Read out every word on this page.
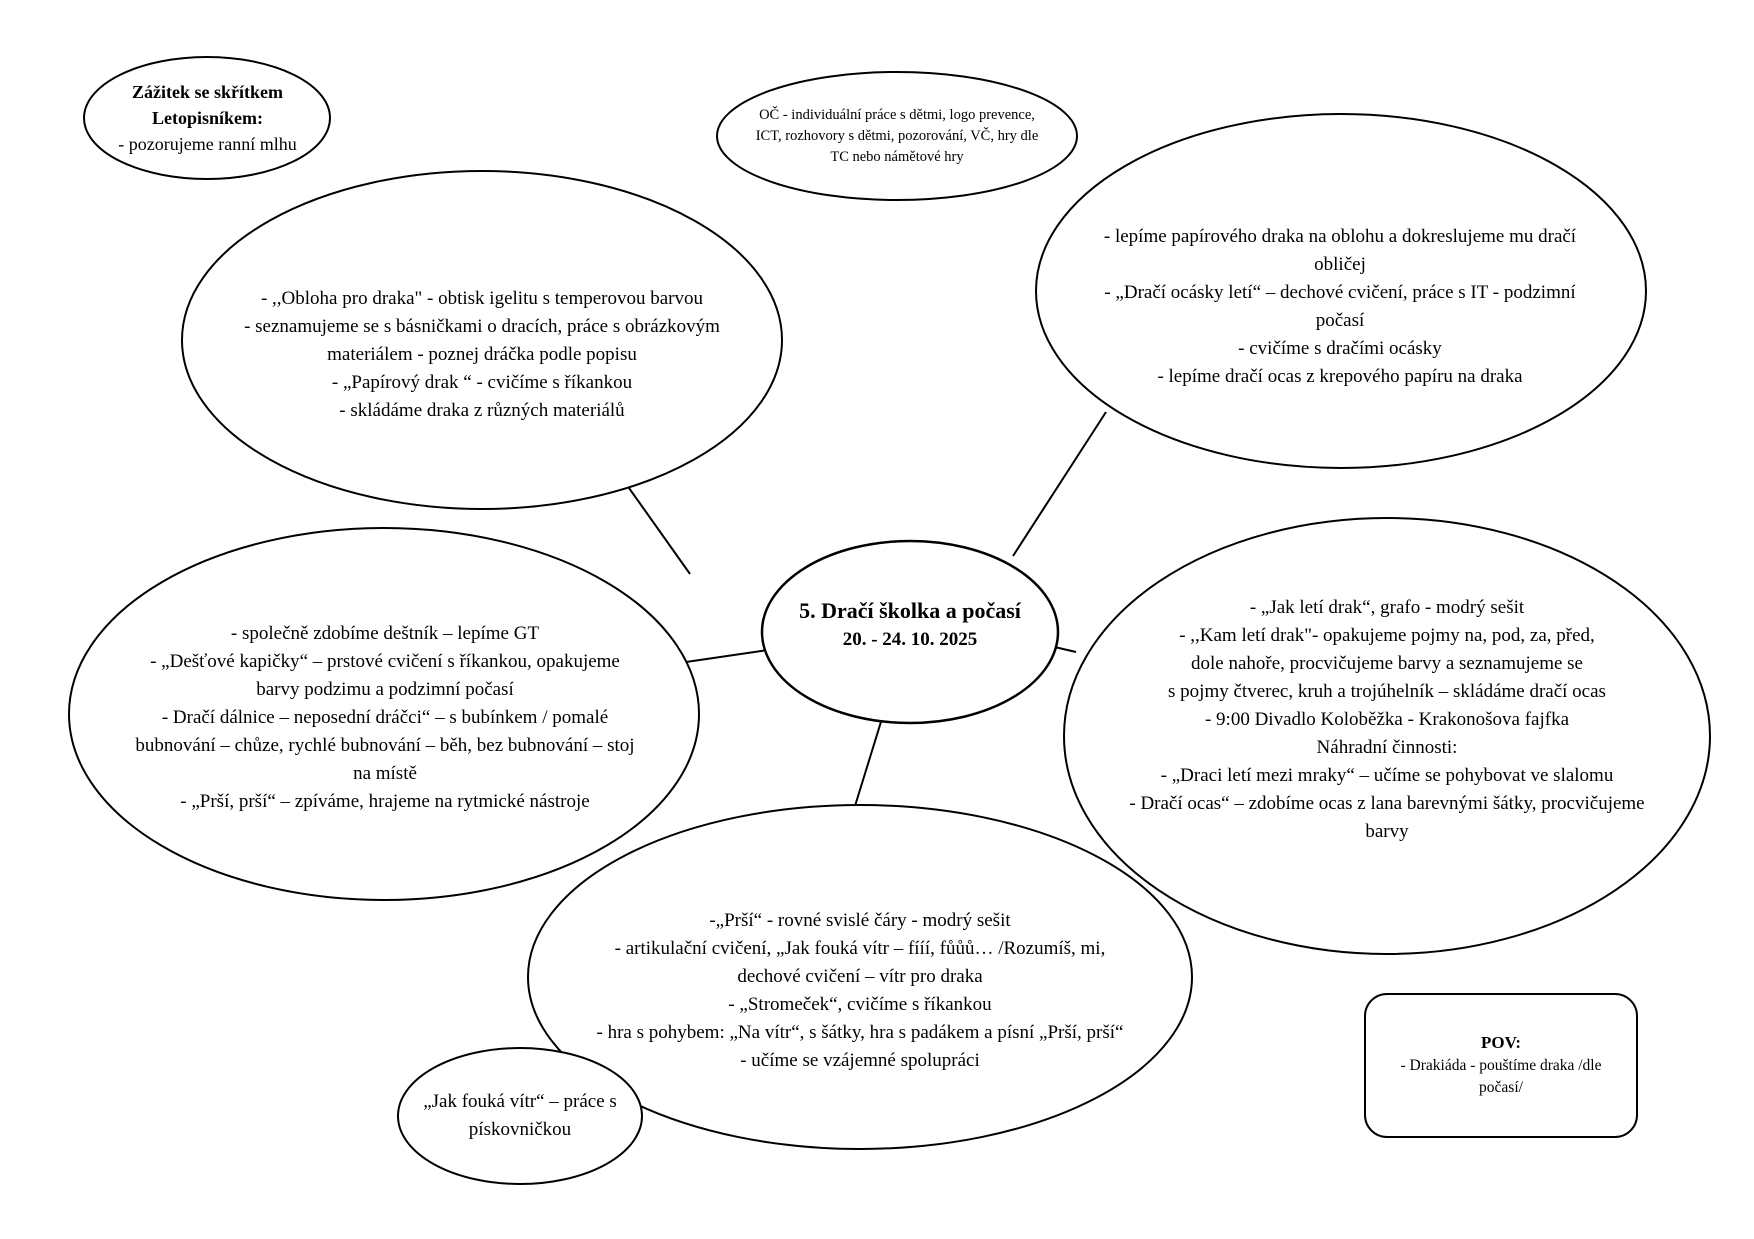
Zážitek se skřítkem
Letopisníkem:
- pozorujeme ranní mlhu
OČ - individuální práce s dětmi, logo prevence,
ICT, rozhovory s dětmi, pozorování, VČ, hry dle
TC nebo námětové hry
- ,,Obloha pro draka" - obtisk igelitu s temperovou barvou
- seznamujeme se s básničkami o dracích, práce s obrázkovým
materiálem - poznej dráčka podle popisu
- „Papírový drak “ - cvičíme s říkankou
- skládáme draka z různých materiálů
- lepíme papírového draka na oblohu a dokreslujeme mu dračí
obličej
- „Dračí ocásky letí“ – dechové cvičení, práce s IT - podzimní
počasí
- cvičíme s dračími ocásky
- lepíme dračí ocas z krepového papíru na draka
- společně zdobíme deštník – lepíme GT
- „Dešťové kapičky“ – prstové cvičení s říkankou, opakujeme
barvy podzimu a podzimní počasí
- Dračí dálnice – neposední dráčci“ – s bubínkem / pomalé
bubnování – chůze, rychlé bubnování – běh, bez bubnování – stoj
na místě
- „Prší, prší“ – zpíváme, hrajeme na rytmické nástroje
5. Dračí školka a počasí
20. - 24. 10. 2025
- „Jak letí drak“, grafo - modrý sešit
- ,,Kam letí drak"- opakujeme pojmy na, pod, za, před,
dole nahoře, procvičujeme barvy a seznamujeme se
s pojmy čtverec, kruh a trojúhelník – skládáme dračí ocas
- 9:00 Divadlo Koloběžka - Krakonošova fajfka
Náhradní činnosti:
- „Draci letí mezi mraky“ – učíme se pohybovat ve slalomu
- Dračí ocas“ – zdobíme ocas z lana barevnými šátky, procvičujeme
barvy
-„Prší“ - rovné svislé čáry - modrý sešit
- artikulační cvičení, „Jak fouká vítr – fííí, fůůů… /Rozumíš, mi,
dechové cvičení – vítr pro draka
- „Stromeček“, cvičíme s říkankou
- hra s pohybem: „Na vítr“, s šátky, hra s padákem a písní „Prší, prší“
- učíme se vzájemné spolupráci
„Jak fouká vítr“ – práce s
pískovničkou
POV:
- Drakiáda - pouštíme draka /dle
počasí/
